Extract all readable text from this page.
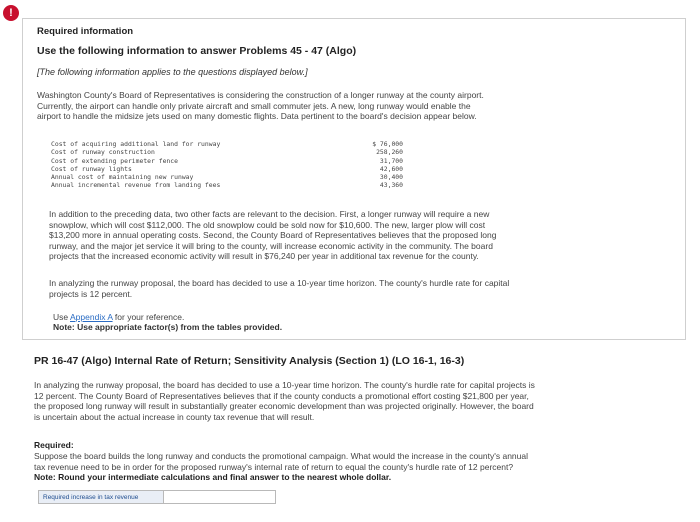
!
Required information
Use the following information to answer Problems 45 - 47 (Algo)
[The following information applies to the questions displayed below.]
Washington County's Board of Representatives is considering the construction of a longer runway at the county airport.
Currently, the airport can handle only private aircraft and small commuter jets. A new, long runway would enable the
airport to handle the midsize jets used on many domestic flights. Data pertinent to the board's decision appear below.
Cost of acquiring additional land for runway
Cost of runway construction
Cost of extending perimeter fence
Cost of runway lights
Annual cost of maintaining new runway
Annual incremental revenue from landing fees
$ 76,000
258,260
31,700
42,600
30,400
43,360
In addition to the preceding data, two other facts are relevant to the decision. First, a longer runway will require a new
snowplow, which will cost $112,000. The old snowplow could be sold now for $10,600. The new, larger plow will cost
$13,200 more in annual operating costs. Second, the County Board of Representatives believes that the proposed long
runway, and the major jet service it will bring to the county, will increase economic activity in the community. The board
projects that the increased economic activity will result in $76,240 per year in additional tax revenue for the county.
In analyzing the runway proposal, the board has decided to use a 10-year time horizon. The county's hurdle rate for capital
projects is 12 percent.
Use Appendix A for your reference.
Note: Use appropriate factor(s) from the tables provided.
PR 16-47 (Algo) Internal Rate of Return; Sensitivity Analysis (Section 1) (LO 16-1, 16-3)
In analyzing the runway proposal, the board has decided to use a 10-year time horizon. The county's hurdle rate for capital projects is
12 percent. The County Board of Representatives believes that if the county conducts a promotional effort costing $21,800 per year,
the proposed long runway will result in substantially greater economic development than was projected originally. However, the board
is uncertain about the actual increase in county tax revenue that will result.
Required:
Suppose the board builds the long runway and conducts the promotional campaign. What would the increase in the county's annual
tax revenue need to be in order for the proposed runway's internal rate of return to equal the county's hurdle rate of 12 percent?
Note: Round your intermediate calculations and final answer to the nearest whole dollar.
Required increase in tax revenue
